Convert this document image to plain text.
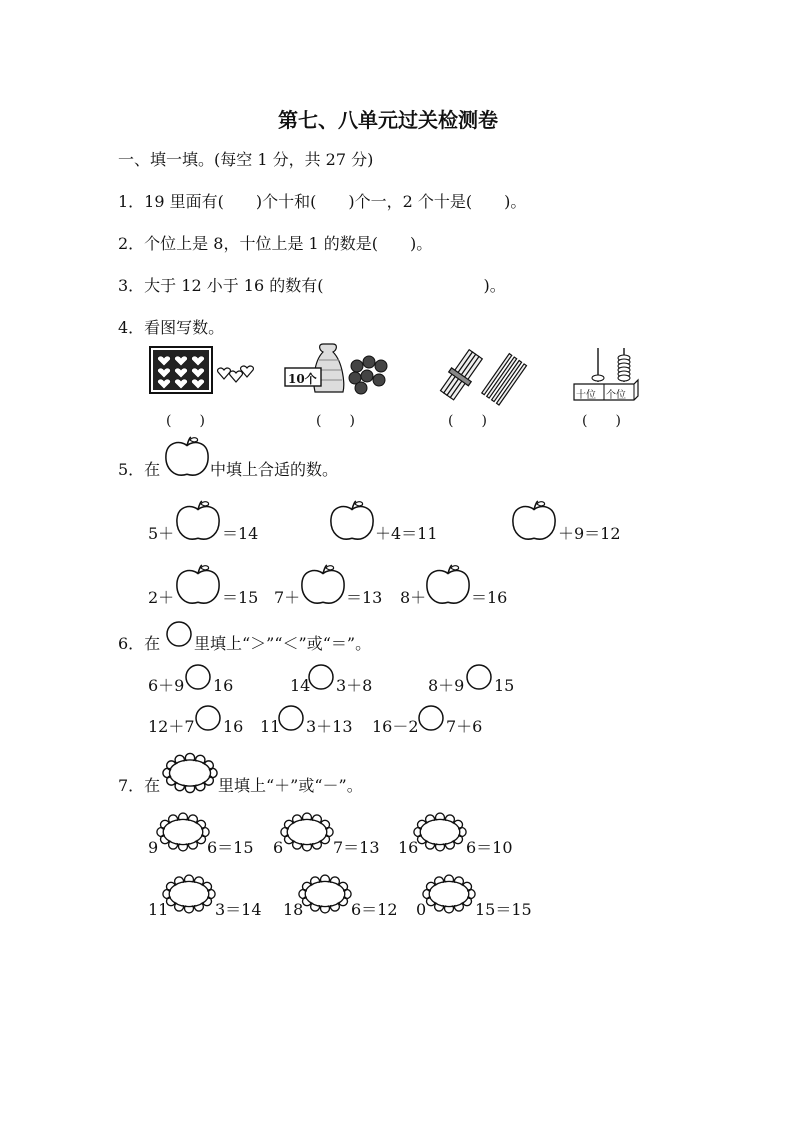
第七、八单元过关检测卷
一、填一填。(每空 1 分，共 27 分)
1．19 里面有(　　)个十和(　　)个一，2 个十是(　　)。
2．个位上是 8，十位上是 1 的数是(　　)。
3．大于 12 小于 16 的数有(　　　　　　　　　　)。
4．看图写数。
(　　)
10个
(　　)	(　　)
十位 个位
(　　)
5．在	中填上合适的数。
5＋	＝14	＋4＝11	＋9＝12
2＋	＝15 7＋	＝13 8＋	＝16
6．在 里填上“＞”“＜”或“＝”。
6＋9 16	14 3＋8	8＋9 15
12＋7 16 11 3＋13 16－2 7＋6
7．在	里填上“＋”或“－”。
9	6＝15 6	7＝13 16	6＝10
11	3＝14 18	6＝12 0	15＝15
